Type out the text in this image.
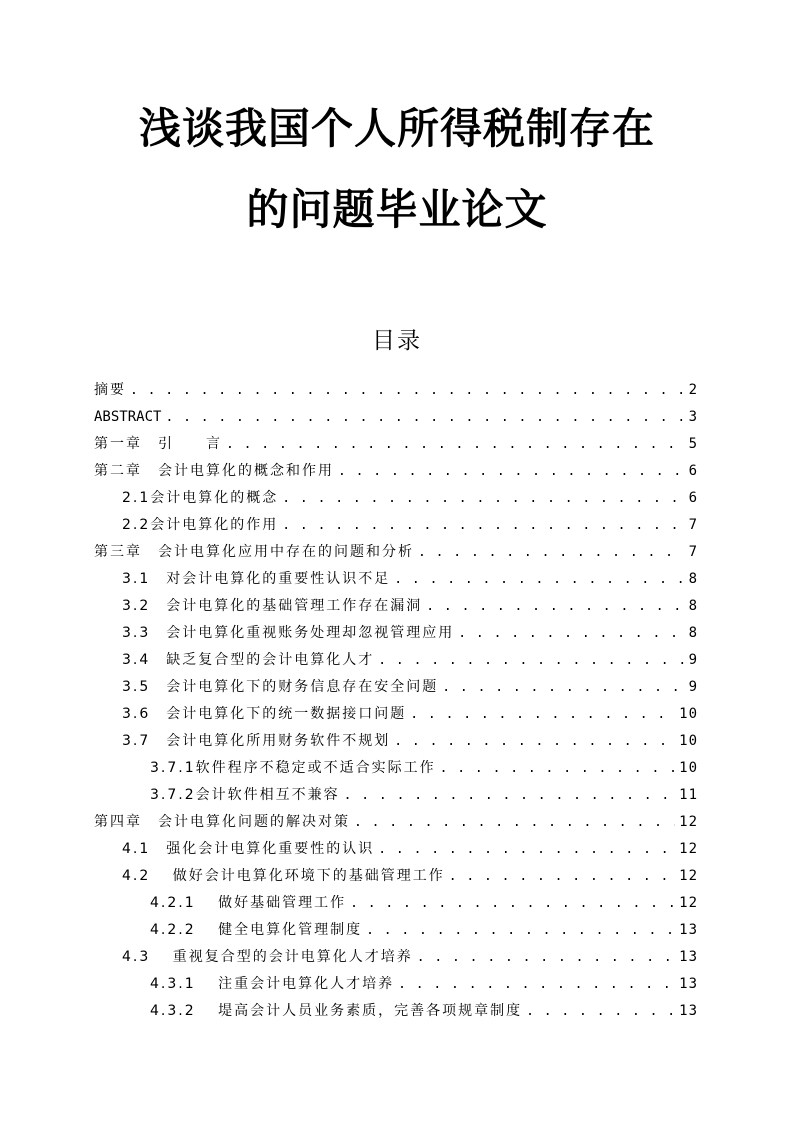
浅谈我国个人所得税制存在
的问题毕业论文
目录
摘要 . . .	2
ABSTRACT . . .	3
第一章　引　　言 . . .	5
第二章　会计电算化的概念和作用 . . .	6
2.1会计电算化的概念 . . .	6
2.2会计电算化的作用 . . .	7
第三章　会计电算化应用中存在的问题和分析 . . .	7
3.1　对会计电算化的重要性认识不足 . . .	8
3.2　会计电算化的基础管理工作存在漏洞 . . .	8
3.3　会计电算化重视账务处理却忽视管理应用 . . .	8
3.4　缺乏复合型的会计电算化人才 . . .	9
3.5　会计电算化下的财务信息存在安全问题 . . .	9
3.6　会计电算化下的统一数据接口问题 . . .	10
3.7　会计电算化所用财务软件不规划 . . .	10
3.7.1软件程序不稳定或不适合实际工作 . . .	10
3.7.2会计软件相互不兼容 . . .	11
第四章　会计电算化问题的解决对策 . . .	12
4.1　强化会计电算化重要性的认识 . . .	12
4.2　 做好会计电算化环境下的基础管理工作 . . .	12
4.2.1　 做好基础管理工作 . . .	12
4.2.2　 健全电算化管理制度 . . .	13
4.3　 重视复合型的会计电算化人才培养 . . .	13
4.3.1　 注重会计电算化人才培养 . . .	13
4.3.2　 堤高会计人员业务素质，完善各项规章制度 . . .	13
